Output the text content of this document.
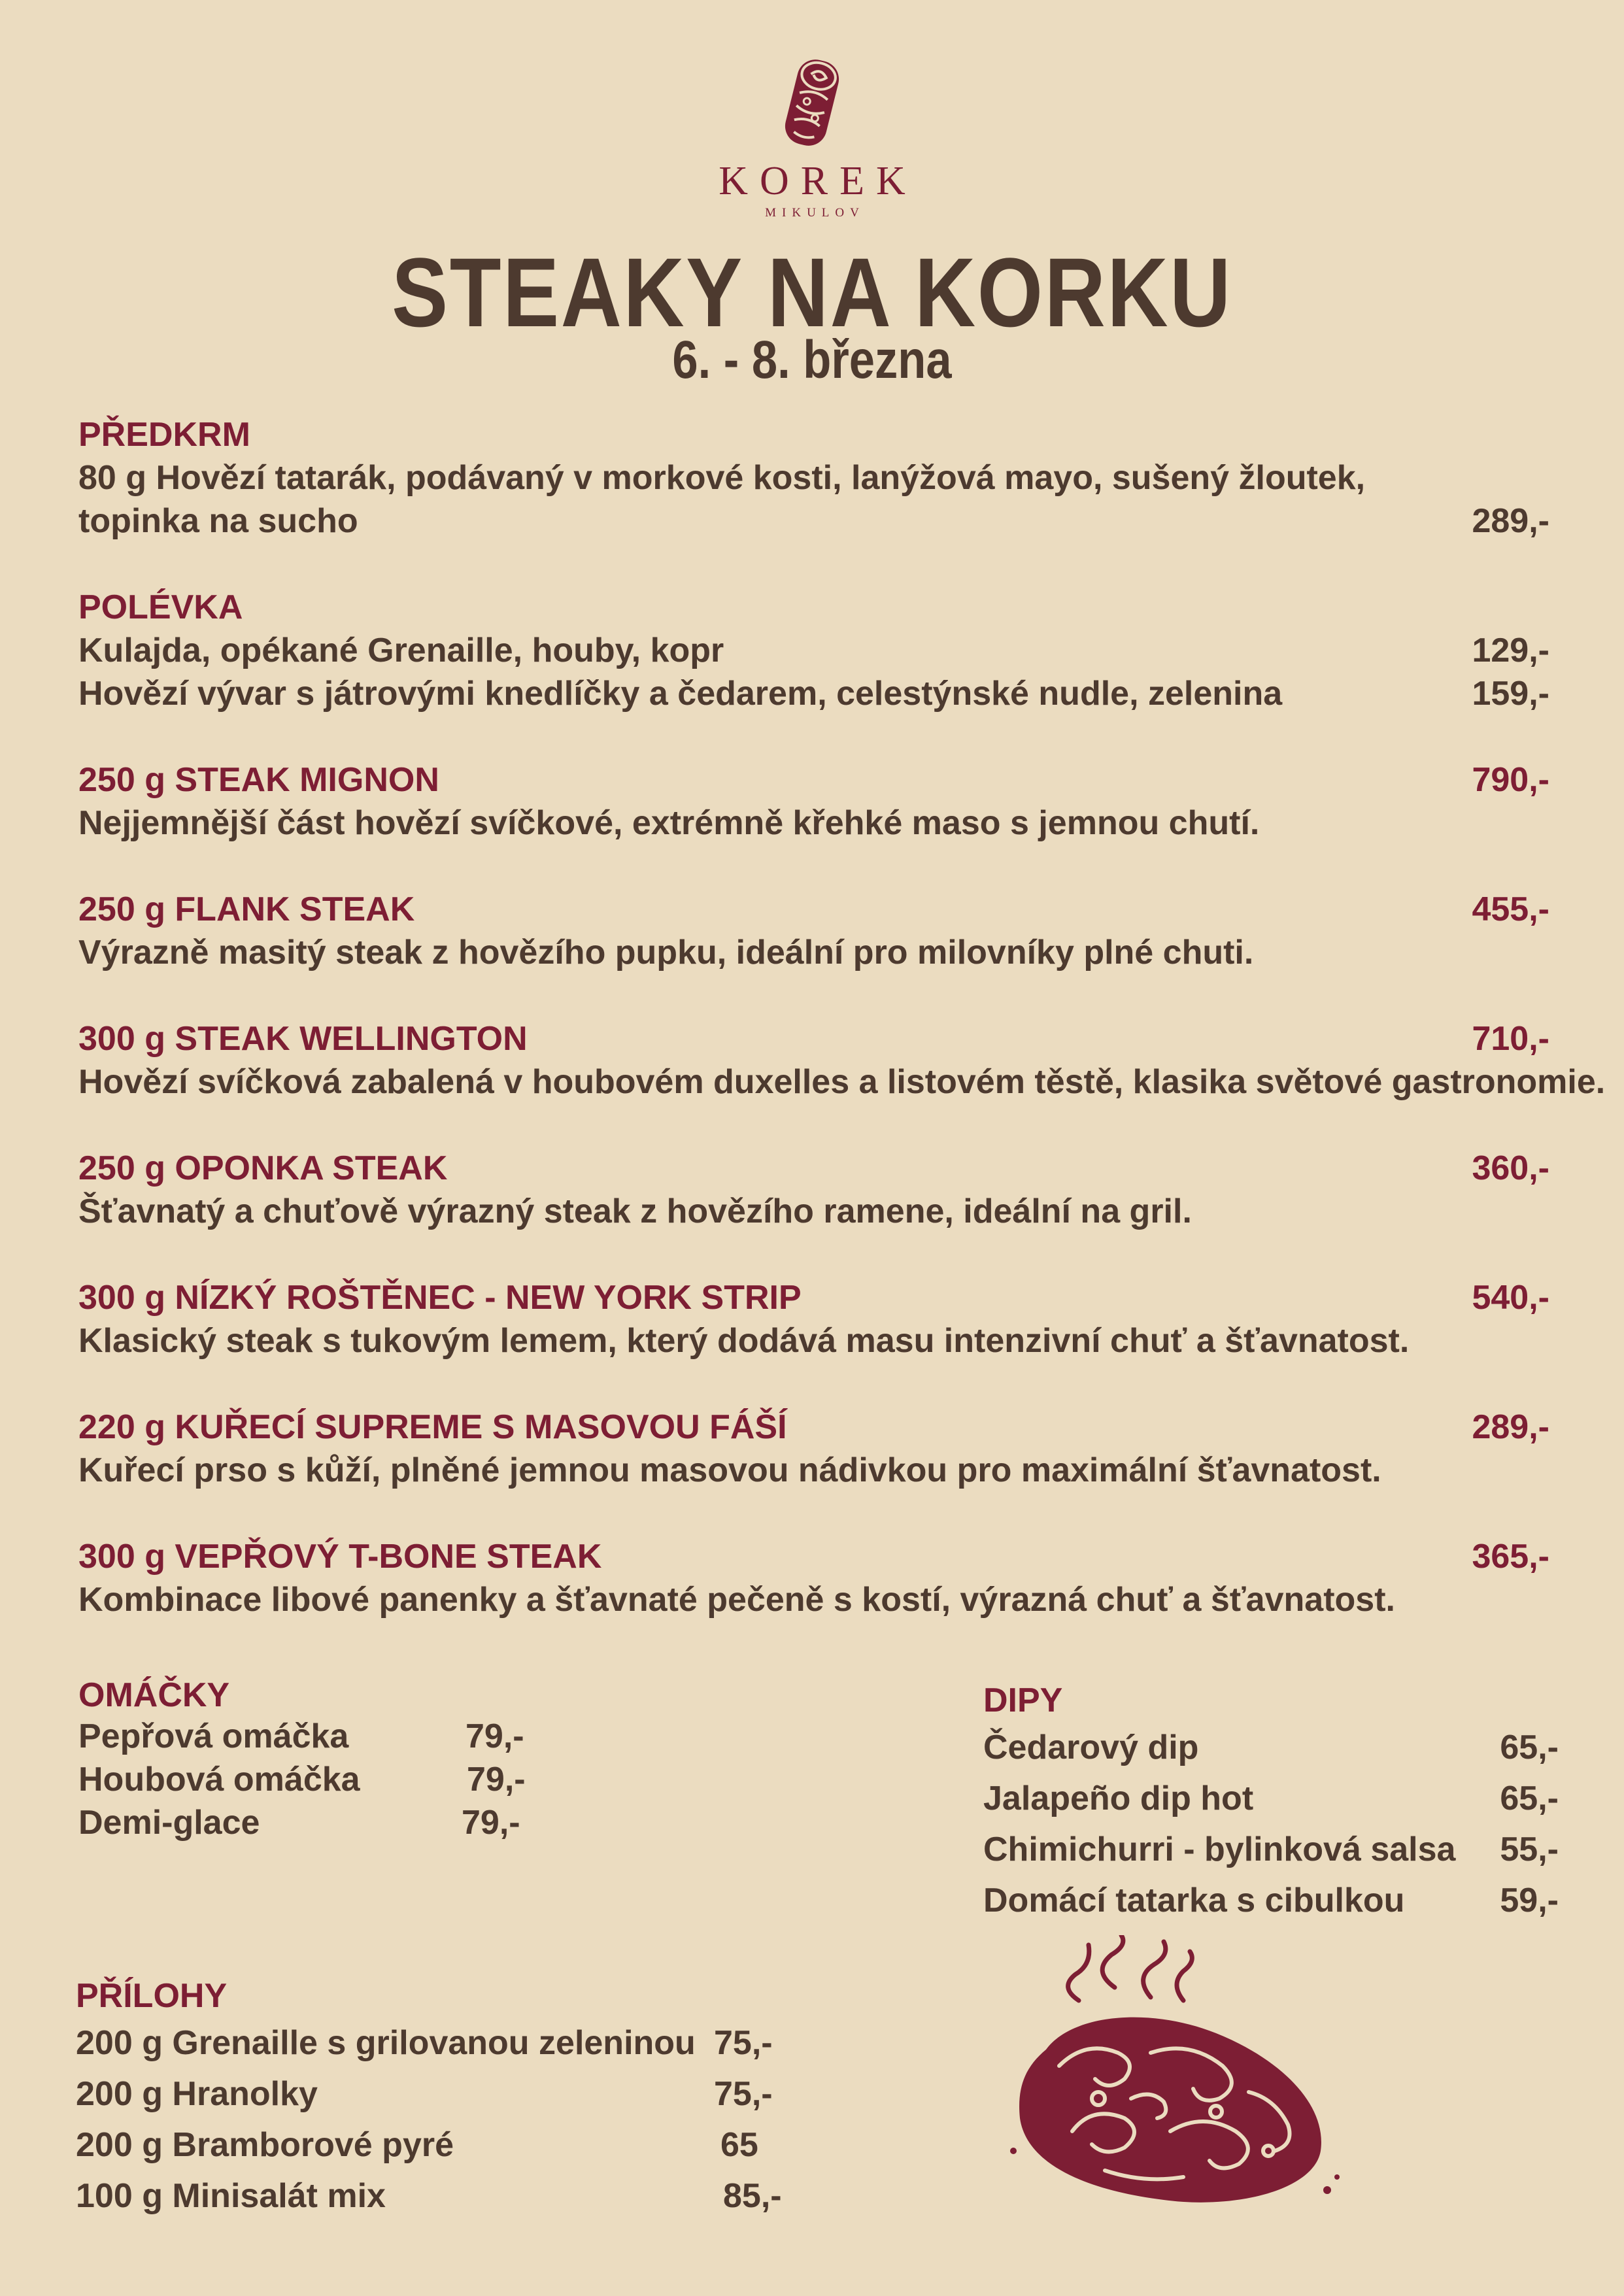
KOREK
MIKULOV
STEAKY NA KORKU
6. - 8. března
PŘEDKRM
80 g Hovězí tatarák, podávaný v morkové kosti, lanýžová mayo, sušený žloutek,
topinka na sucho	289,-
POLÉVKA
Kulajda, opékané Grenaille, houby, kopr	129,-
Hovězí vývar s játrovými knedlíčky a čedarem, celestýnské nudle, zelenina	159,-
250 g STEAK MIGNON	790,-
Nejjemnější část hovězí svíčkové, extrémně křehké maso s jemnou chutí.
250 g FLANK STEAK	455,-
Výrazně masitý steak z hovězího pupku, ideální pro milovníky plné chuti.
300 g STEAK WELLINGTON	710,-
Hovězí svíčková zabalená v houbovém duxelles a listovém těstě, klasika světové gastronomie.
250 g OPONKA STEAK	360,-
Šťavnatý a chuťově výrazný steak z hovězího ramene, ideální na gril.
300 g NÍZKÝ ROŠTĚNEC - NEW YORK STRIP	540,-
Klasický steak s tukovým lemem, který dodává masu intenzivní chuť a šťavnatost.
220 g KUŘECÍ SUPREME S MASOVOU FÁŠÍ	289,-
Kuřecí prso s kůží, plněné jemnou masovou nádivkou pro maximální šťavnatost.
300 g VEPŘOVÝ T-BONE STEAK	365,-
Kombinace libové panenky a šťavnaté pečeně s kostí, výrazná chuť a šťavnatost.
OMÁČKY
Pepřová omáčka	79,-
Houbová omáčka	79,-
Demi-glace	79,-
DIPY
Čedarový dip	65,-
Jalapeño dip hot	65,-
Chimichurri - bylinková salsa 55,-
Domácí tatarka s cibulkou	59,-
PŘÍLOHY
200 g Grenaille s grilovanou zeleninou 75,-
200 g Hranolky	75,-
200 g Bramborové pyré	65
100 g Minisalát mix	85,-
